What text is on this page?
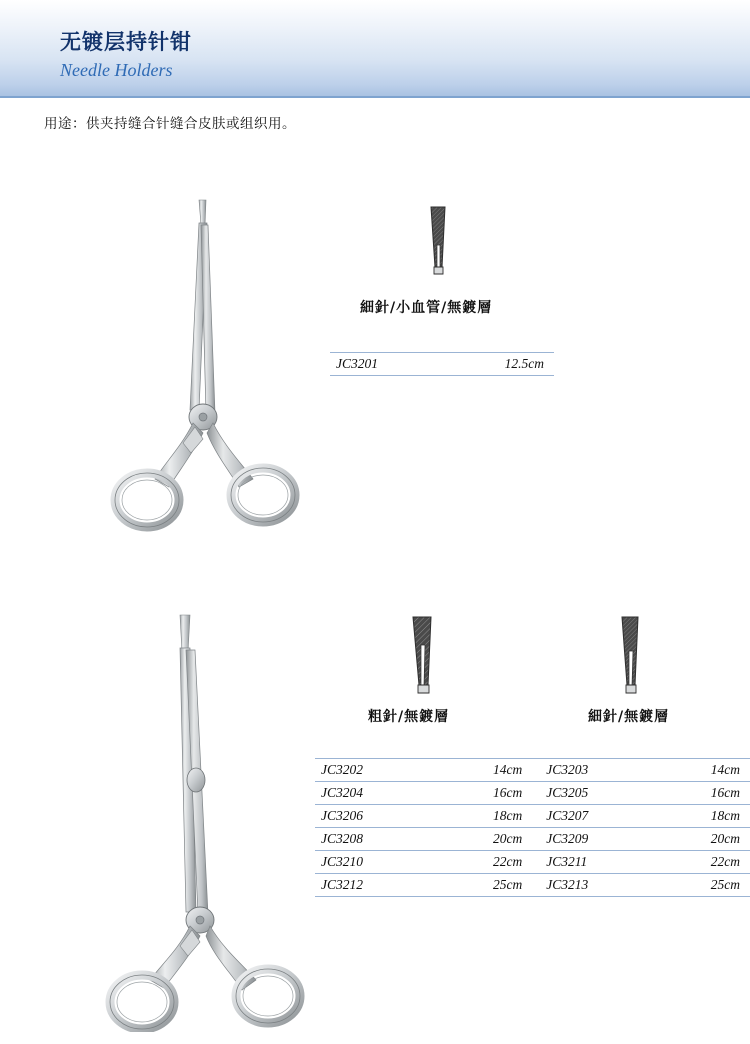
无镀层持针钳
Needle Holders
用途：供夹持缝合针缝合皮肤或组织用。
細針/小血管/無鍍層
JC3201	12.5cm
粗針/無鍍層	細針/無鍍層
JC3202	14cm	JC3203	14cm
JC3204	16cm	JC3205	16cm
JC3206	18cm	JC3207	18cm
JC3208	20cm	JC3209	20cm
JC3210	22cm	JC3211	22cm
JC3212	25cm	JC3213	25cm
